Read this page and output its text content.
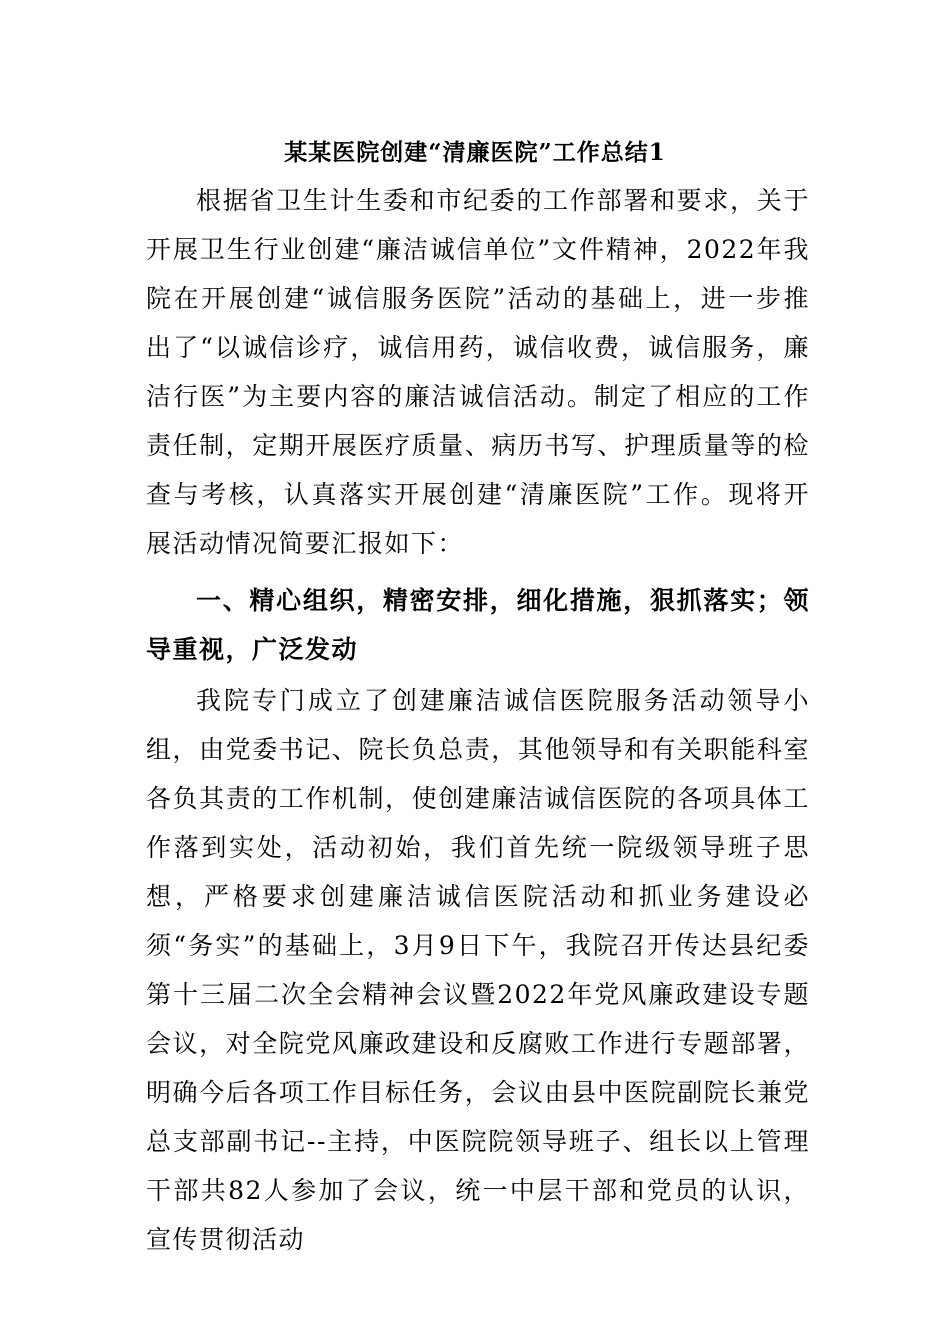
某某医院创建“清廉医院”工作总结1

根据省卫生计生委和市纪委的工作部署和要求，关于开展卫生行业创建“廉洁诚信单位”文件精神，2022年我院在开展创建“诚信服务医院”活动的基础上，进一步推出了“以诚信诊疗，诚信用药，诚信收费，诚信服务，廉洁行医”为主要内容的廉洁诚信活动。制定了相应的工作责任制，定期开展医疗质量、病历书写、护理质量等的检查与考核，认真落实开展创建“清廉医院”工作。现将开展活动情况简要汇报如下：

一、精心组织，精密安排，细化措施，狠抓落实；领导重视，广泛发动

我院专门成立了创建廉洁诚信医院服务活动领导小组，由党委书记、院长负总责，其他领导和有关职能科室各负其责的工作机制，使创建廉洁诚信医院的各项具体工作落到实处，活动初始，我们首先统一院级领导班子思想，严格要求创建廉洁诚信医院活动和抓业务建设必须“务实”的基础上，3月9日下午，我院召开传达县纪委第十三届二次全会精神会议暨2022年党风廉政建设专题会议，对全院党风廉政建设和反腐败工作进行专题部署，明确今后各项工作目标任务，会议由县中医院副院长兼党总支部副书记--主持，中医院院领导班子、组长以上管理干部共82人参加了会议，统一中层干部和党员的认识，宣传贯彻活动
